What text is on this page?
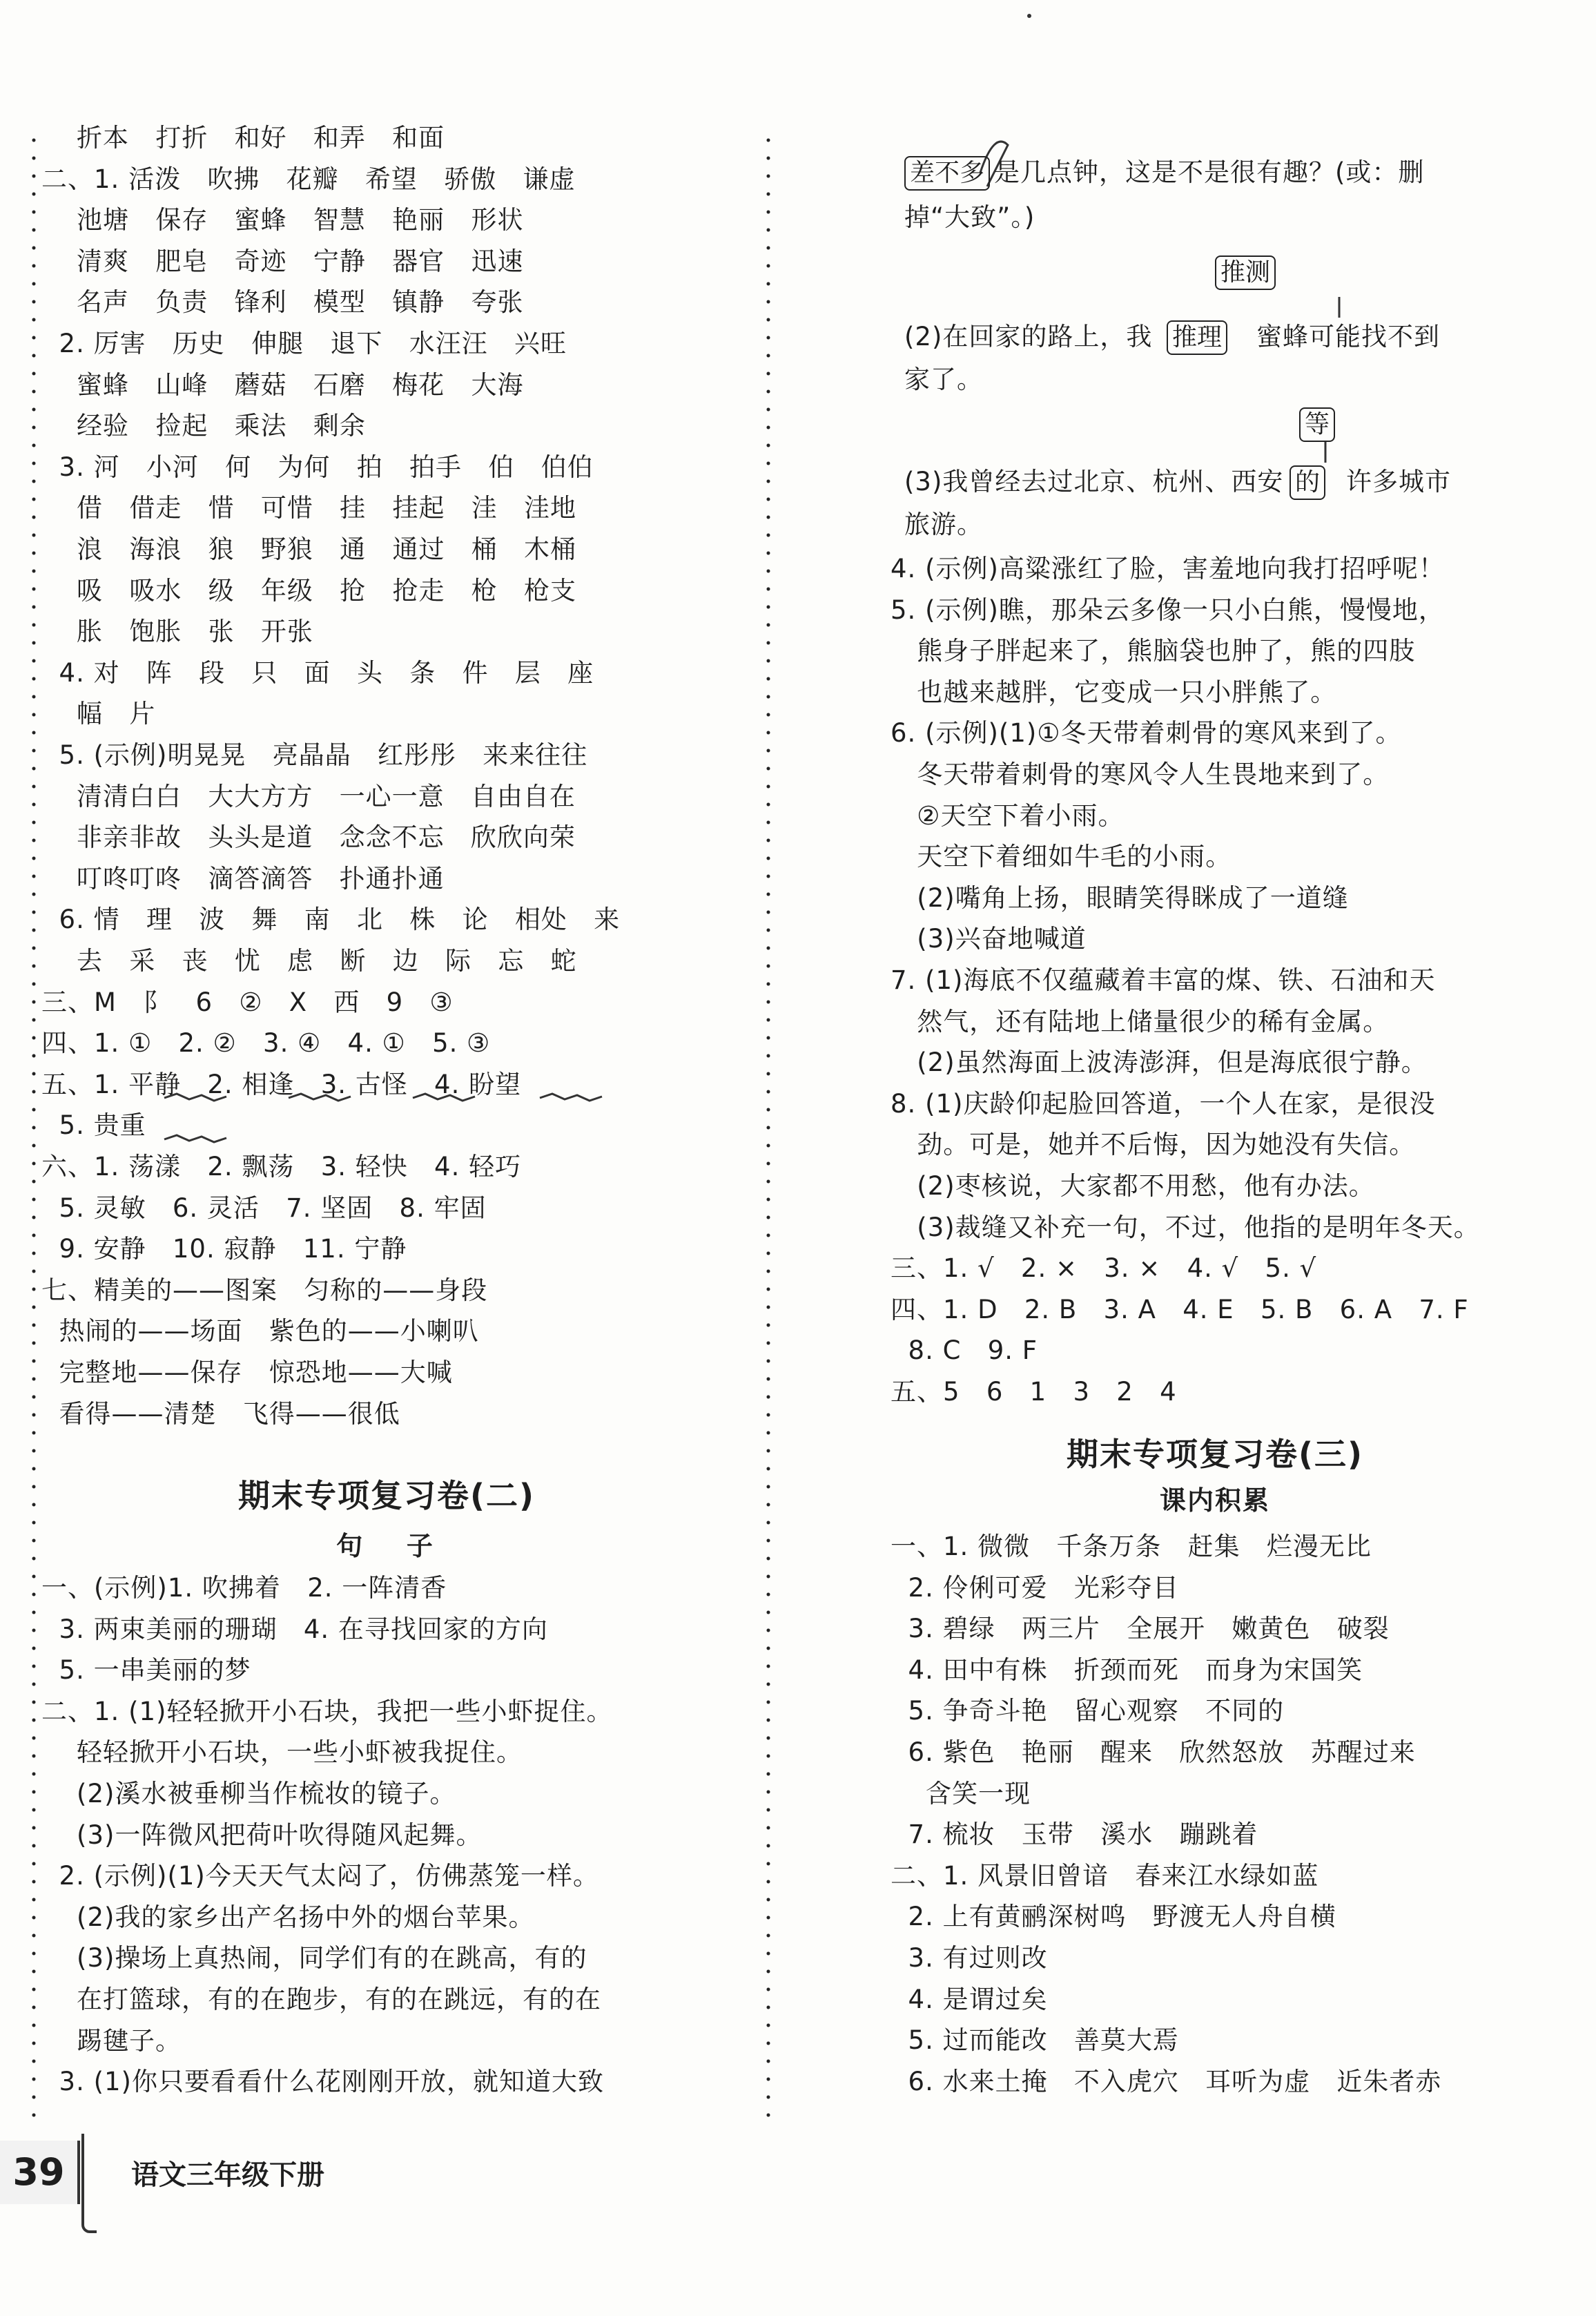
折本   打折   和好   和弄   和面
二、1. 活泼   吹拂   花瓣   希望   骄傲   谦虚
池塘   保存   蜜蜂   智慧   艳丽   形状
清爽   肥皂   奇迹   宁静   器官   迅速
名声   负责   锋利   模型   镇静   夸张
2. 厉害   历史   伸腿   退下   水汪汪   兴旺
蜜蜂   山峰   蘑菇   石磨   梅花   大海
经验   捡起   乘法   剩余
3. 河   小河   何   为何   拍   拍手   伯   伯伯
借   借走   惜   可惜   挂   挂起   洼   洼地
浪   海浪   狼   野狼   通   通过   桶   木桶
吸   吸水   级   年级   抢   抢走   枪   枪支
胀   饱胀   张   开张
4. 对   阵   段   只   面   头   条   件   层   座
幅   片
5. (示例)明晃晃   亮晶晶   红彤彤   来来往往
清清白白   大大方方   一心一意   自由自在
非亲非故   头头是道   念念不忘   欣欣向荣
叮咚叮咚   滴答滴答   扑通扑通
6. 情   理   波   舞   南   北   株   论   相处   来
去   采   丧   忧   虑   断   边   际   忘   蛇
三、M   阝   6   ②   X   西   9   ③
四、1. ①   2. ②   3. ④   4. ①   5. ③
五、1. 平静   2. 相逢   3. 古怪   4. 盼望
5. 贵重
六、1. 荡漾   2. 飘荡   3. 轻快   4. 轻巧
5. 灵敏   6. 灵活   7. 坚固   8. 牢固
9. 安静   10. 寂静   11. 宁静
七、精美的——图案   匀称的——身段
热闹的——场面   紫色的——小喇叭
完整地——保存   惊恐地——大喊
看得——清楚   飞得——很低
期末专项复习卷(二)
句   子
一、(示例)1. 吹拂着   2. 一阵清香
3. 两束美丽的珊瑚   4. 在寻找回家的方向
5. 一串美丽的梦
二、1. (1)轻轻掀开小石块，我把一些小虾捉住。
轻轻掀开小石块，一些小虾被我捉住。
(2)溪水被垂柳当作梳妆的镜子。
(3)一阵微风把荷叶吹得随风起舞。
2. (示例)(1)今天天气太闷了，仿佛蒸笼一样。
(2)我的家乡出产名扬中外的烟台苹果。
(3)操场上真热闹，同学们有的在跳高，有的
在打篮球，有的在跑步，有的在跳远，有的在
踢毽子。
3. (1)你只要看看什么花刚刚开放，就知道大致
差不多 是几点钟，这是不是很有趣？(或：删
掉“大致”。)
推测
(2)在回家的路上，我 推理 蜜蜂可能找不到
家了。
等
(3)我曾经去过北京、杭州、西安 的 许多城市
旅游。
4. (示例)高粱涨红了脸，害羞地向我打招呼呢！
5. (示例)瞧，那朵云多像一只小白熊，慢慢地，
熊身子胖起来了，熊脑袋也肿了，熊的四肢
也越来越胖，它变成一只小胖熊了。
6. (示例)(1)①冬天带着刺骨的寒风来到了。
冬天带着刺骨的寒风令人生畏地来到了。
②天空下着小雨。
天空下着细如牛毛的小雨。
(2)嘴角上扬，眼睛笑得眯成了一道缝
(3)兴奋地喊道
7. (1)海底不仅蕴藏着丰富的煤、铁、石油和天
然气，还有陆地上储量很少的稀有金属。
(2)虽然海面上波涛澎湃，但是海底很宁静。
8. (1)庆龄仰起脸回答道，一个人在家，是很没
劲。可是，她并不后悔，因为她没有失信。
(2)枣核说，大家都不用愁，他有办法。
(3)裁缝又补充一句，不过，他指的是明年冬天。
三、1. √   2. ×   3. ×   4. √   5. √
四、1. D   2. B   3. A   4. E   5. B   6. A   7. F
8. C   9. F
五、5   6   1   3   2   4
期末专项复习卷(三)
课内积累
一、1. 微微   千条万条   赶集   烂漫无比
2. 伶俐可爱   光彩夺目
3. 碧绿   两三片   全展开   嫩黄色   破裂
4. 田中有株   折颈而死   而身为宋国笑
5. 争奇斗艳   留心观察   不同的
6. 紫色   艳丽   醒来   欣然怒放   苏醒过来
含笑一现
7. 梳妆   玉带   溪水   蹦跳着
二、1. 风景旧曾谙   春来江水绿如蓝
2. 上有黄鹂深树鸣   野渡无人舟自横
3. 有过则改
4. 是谓过矣
5. 过而能改   善莫大焉
6. 水来土掩   不入虎穴   耳听为虚   近朱者赤
39	语文三年级下册
